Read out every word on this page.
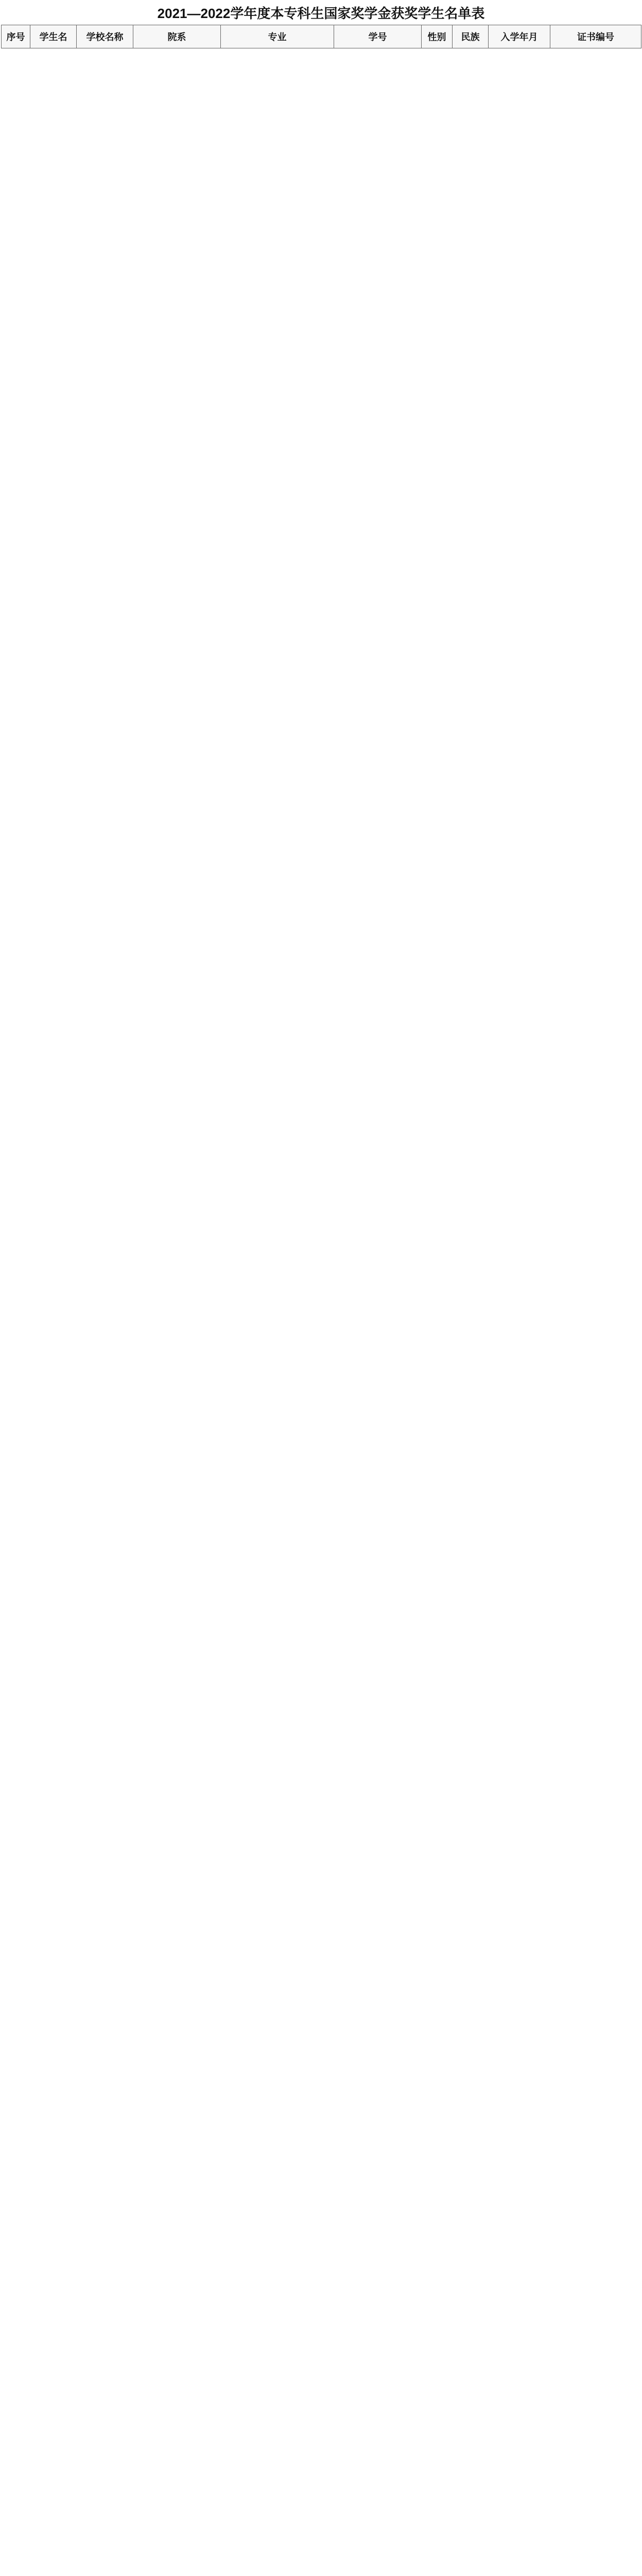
2021—2022学年度本专科生国家奖学金获奖学生名单表
序号	学生名	学校名称	院系	专业	学号	性别	民族	入学年月	证书编号
